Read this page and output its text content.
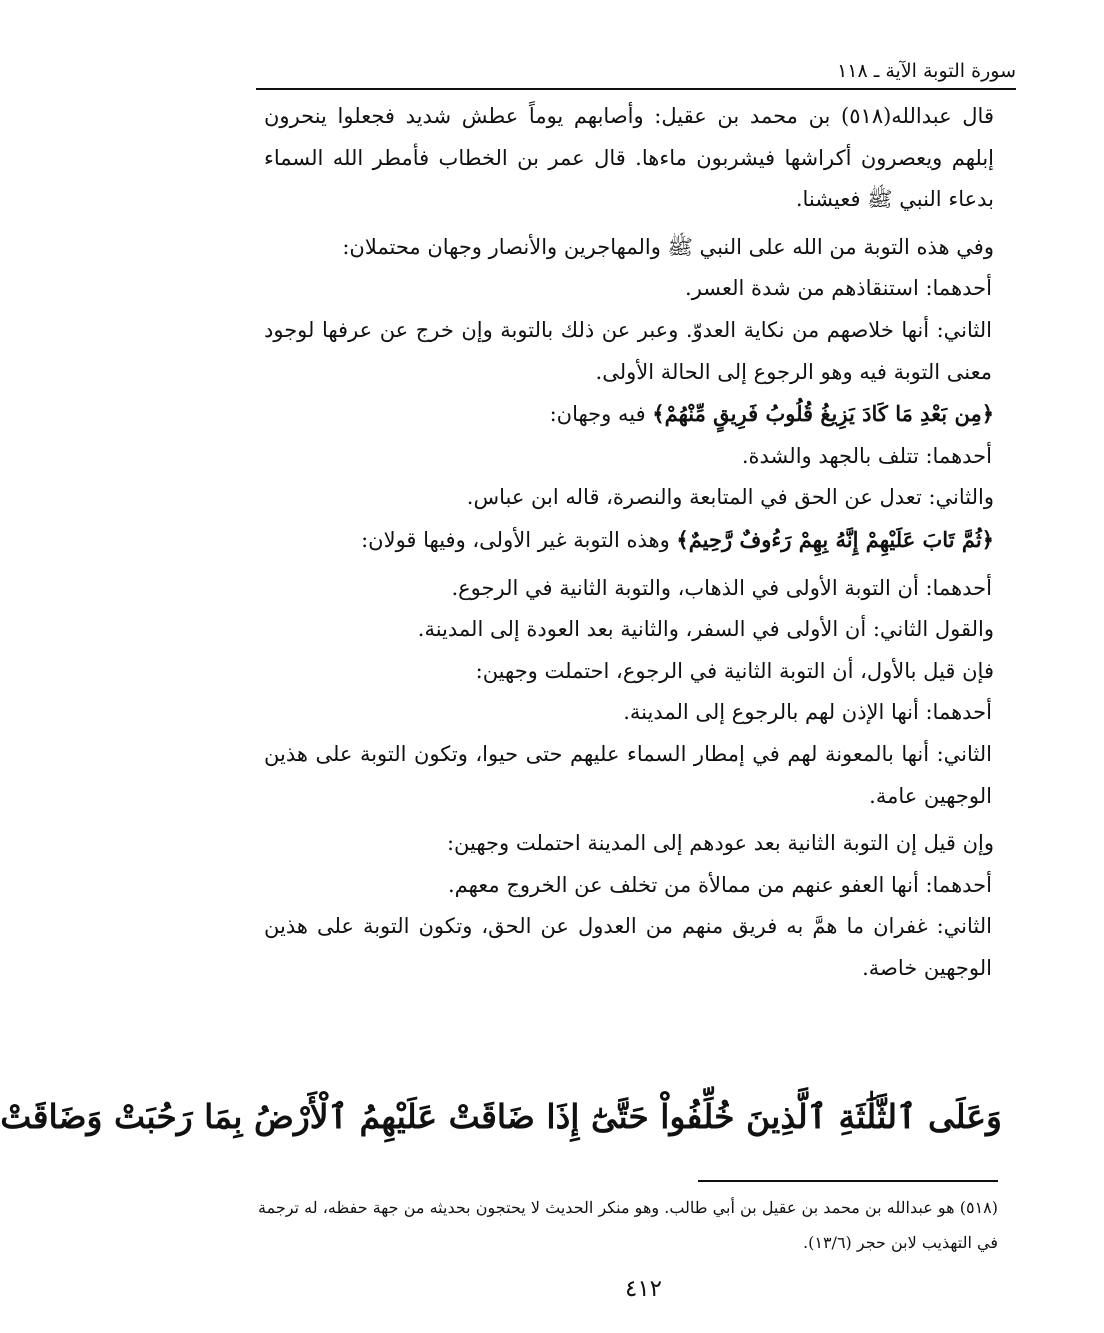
سورة التوبة الآية ـ ١١٨

قال عبدالله(٥١٨) بن محمد بن عقيل: وأصابهم يوماً عطش شديد فجعلوا ينحرون إبلهم ويعصرون أكراشها فيشربون ماءها. قال عمر بن الخطاب فأمطر الله السماء بدعاء النبي ﷺ فعيشنا.

وفي هذه التوبة من الله على النبي ﷺ والمهاجرين والأنصار وجهان محتملان:

أحدهما: استنقاذهم من شدة العسر.

الثاني: أنها خلاصهم من نكاية العدوّ. وعبر عن ذلك بالتوبة وإن خرج عن عرفها لوجود معنى التوبة فيه وهو الرجوع إلى الحالة الأولى.

﴿مِن بَعْدِ مَا كَادَ يَزِيغُ قُلُوبُ فَرِيقٍ مِّنْهُمْ﴾ فيه وجهان:

أحدهما: تتلف بالجهد والشدة.

والثاني: تعدل عن الحق في المتابعة والنصرة، قاله ابن عباس.

﴿ثُمَّ تَابَ عَلَيْهِمْ إِنَّهُ بِهِمْ رَءُوفٌ رَّحِيمٌ﴾ وهذه التوبة غير الأولى، وفيها قولان:

أحدهما: أن التوبة الأولى في الذهاب، والتوبة الثانية في الرجوع.

والقول الثاني: أن الأولى في السفر، والثانية بعد العودة إلى المدينة.

فإن قيل بالأول، أن التوبة الثانية في الرجوع، احتملت وجهين:

أحدهما: أنها الإذن لهم بالرجوع إلى المدينة.

الثاني: أنها بالمعونة لهم في إمطار السماء عليهم حتى حيوا، وتكون التوبة على هذين الوجهين عامة.

وإن قيل إن التوبة الثانية بعد عودهم إلى المدينة احتملت وجهين:

أحدهما: أنها العفو عنهم من ممالأة من تخلف عن الخروج معهم.

الثاني: غفران ما همَّ به فريق منهم من العدول عن الحق، وتكون التوبة على هذين الوجهين خاصة.

وَعَلَى ٱلثَّلَٰثَةِ ٱلَّذِينَ خُلِّفُواْ حَتَّىٰٓ إِذَا ضَاقَتْ عَلَيْهِمُ ٱلْأَرْضُ بِمَا رَحُبَتْ وَضَاقَتْ

(٥١٨) هو عبدالله بن محمد بن عقيل بن أبي طالب. وهو منكر الحديث لا يحتجون بحديثه من جهة حفظه، له ترجمة في التهذيب لابن حجر (١٣/٦).

٤١٢
